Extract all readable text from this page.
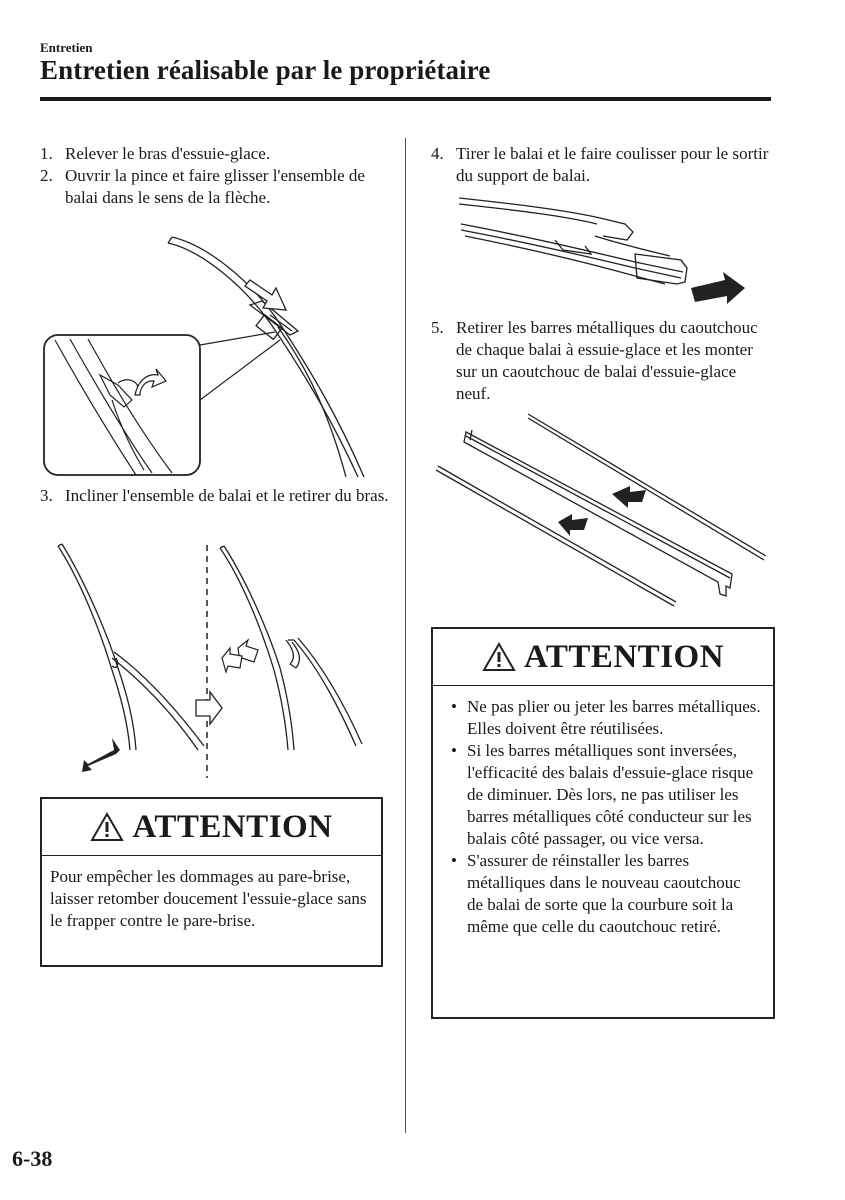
Entretien
Entretien réalisable par le propriétaire
1. Relever le bras d'essuie-glace.
2. Ouvrir la pince et faire glisser l'ensemble de balai dans le sens de la flèche.
3. Incliner l'ensemble de balai et le retirer du bras.
ATTENTION
Pour empêcher les dommages au pare-brise, laisser retomber doucement l'essuie-glace sans le frapper contre le pare-brise.
4. Tirer le balai et le faire coulisser pour le sortir du support de balai.
5. Retirer les barres métalliques du caoutchouc de chaque balai à essuie-glace et les monter sur un caoutchouc de balai d'essuie-glace neuf.
ATTENTION
• Ne pas plier ou jeter les barres métalliques. Elles doivent être réutilisées.
• Si les barres métalliques sont inversées, l'efficacité des balais d'essuie-glace risque de diminuer. Dès lors, ne pas utiliser les barres métalliques côté conducteur sur les balais côté passager, ou vice versa.
• S'assurer de réinstaller les barres métalliques dans le nouveau caoutchouc de balai de sorte que la courbure soit la même que celle du caoutchouc retiré.
6-38
